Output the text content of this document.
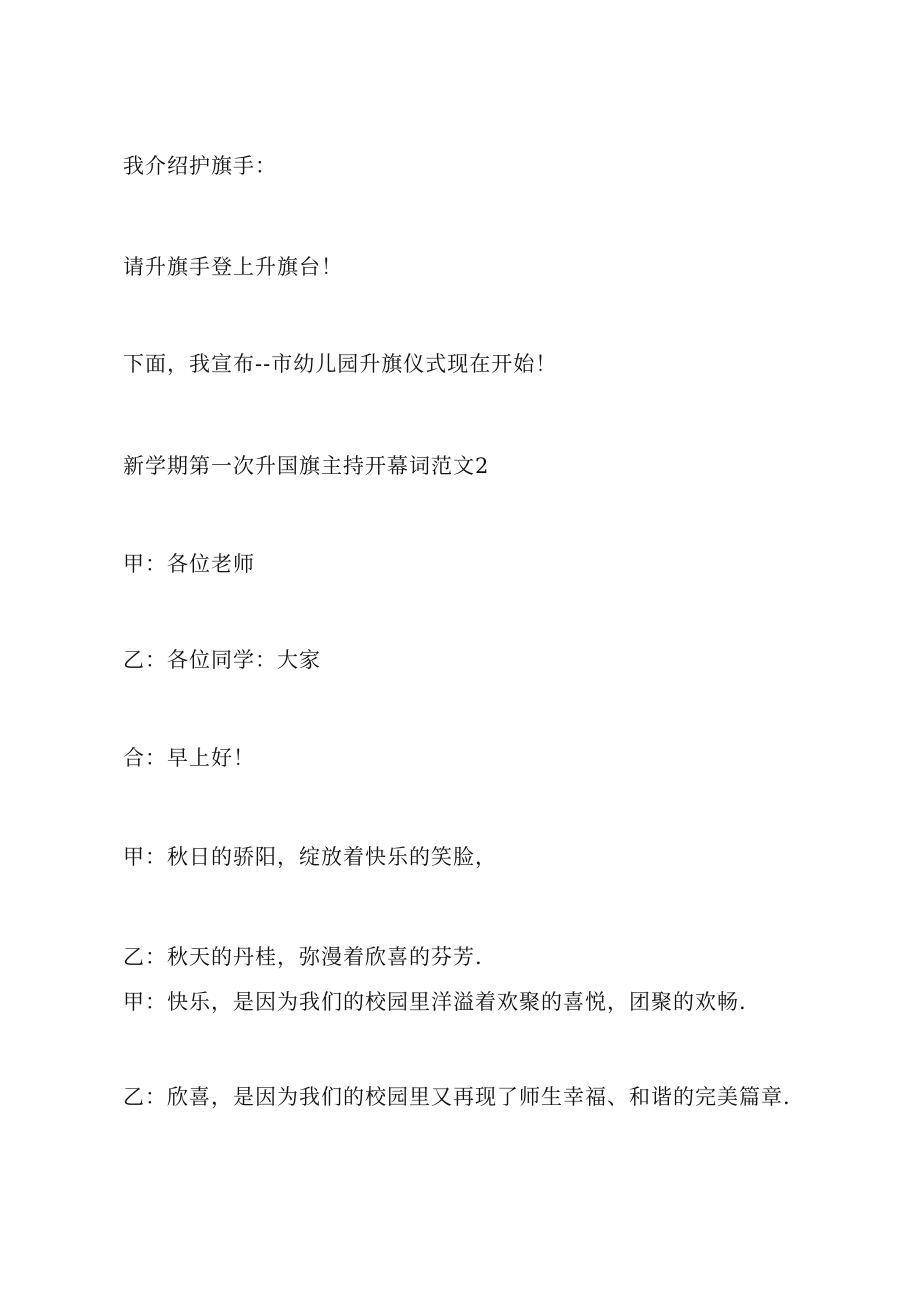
我介绍护旗手：
请升旗手登上升旗台！
下面，我宣布--市幼儿园升旗仪式现在开始！
新学期第一次升国旗主持开幕词范文2
甲：各位老师
乙：各位同学：大家
合：早上好！
甲：秋日的骄阳，绽放着快乐的笑脸，
乙：秋天的丹桂，弥漫着欣喜的芬芳.
甲：快乐，是因为我们的校园里洋溢着欢聚的喜悦，团聚的欢畅.
乙：欣喜，是因为我们的校园里又再现了师生幸福、和谐的完美篇章.
